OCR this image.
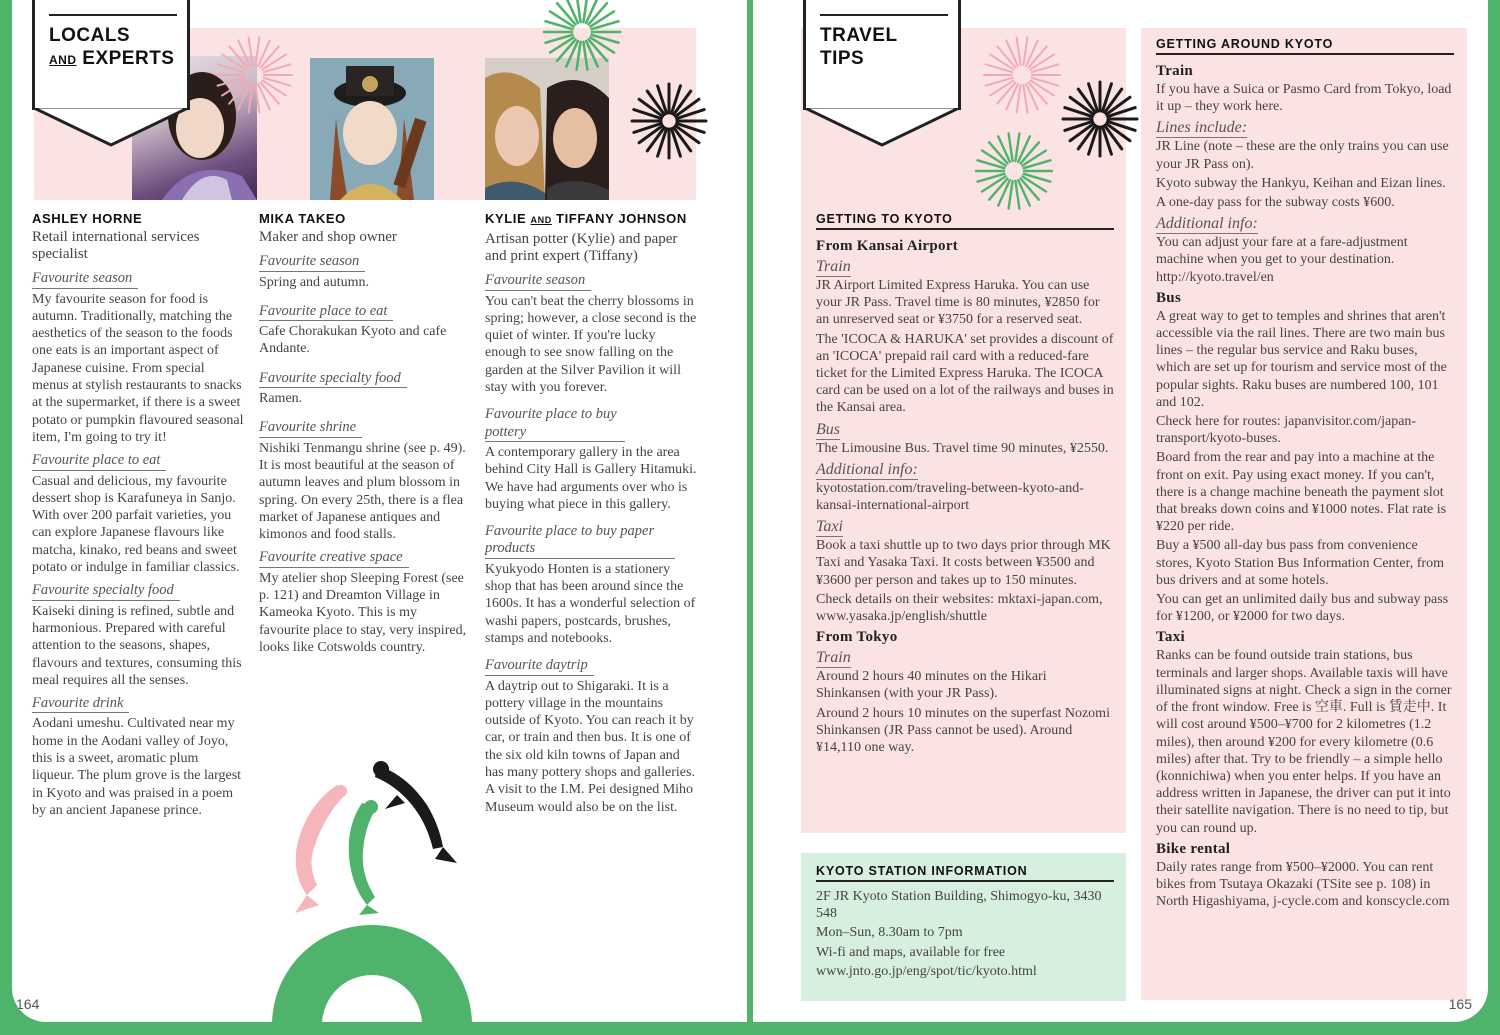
LOCALS
AND EXPERTS
ASHLEY HORNE
Retail international services specialist
Favourite season

My favourite season for food is autumn. Traditionally, matching the aesthetics of the season to the foods one eats is an important aspect of Japanese cuisine. From special menus at stylish restaurants to snacks at the supermarket, if there is a sweet potato or pumpkin flavoured seasonal item, I'm going to try it!

Favourite place to eat

Casual and delicious, my favourite dessert shop is Karafuneya in Sanjo. With over 200 parfait varieties, you can explore Japanese flavours like matcha, kinako, red beans and sweet potato or indulge in familiar classics.

Favourite specialty food

Kaiseki dining is refined, subtle and harmonious. Prepared with careful attention to the seasons, shapes, flavours and textures, consuming this meal requires all the senses.

Favourite drink

Aodani umeshu. Cultivated near my home in the Aodani valley of Joyo, this is a sweet, aromatic plum liqueur. The plum grove is the largest in Kyoto and was praised in a poem by an ancient Japanese prince.

MIKA TAKEO
Maker and shop owner
Favourite season

Spring and autumn.

Favourite place to eat

Cafe Chorakukan Kyoto and cafe Andante.

Favourite specialty food

Ramen.

Favourite shrine

Nishiki Tenmangu shrine (see p. 49). It is most beautiful at the season of autumn leaves and plum blossom in spring. On every 25th, there is a flea market of Japanese antiques and kimonos and food stalls.

Favourite creative space

My atelier shop Sleeping Forest (see p. 121) and Dreamton Village in Kameoka Kyoto. This is my favourite place to stay, very inspired, looks like Cotswolds country.

KYLIE AND TIFFANY JOHNSON
Artisan potter (Kylie) and paper and print expert (Tiffany)
Favourite season

You can't beat the cherry blossoms in spring; however, a close second is the quiet of winter. If you're lucky enough to see snow falling on the garden at the Silver Pavilion it will stay with you forever.

Favourite place to buy pottery

A contemporary gallery in the area behind City Hall is Gallery Hitamuki. We have had arguments over who is buying what piece in this gallery.

Favourite place to buy paper products

Kyukyodo Honten is a stationery shop that has been around since the 1600s. It has a wonderful selection of washi papers, postcards, brushes, stamps and notebooks.

Favourite daytrip

A daytrip out to Shigaraki. It is a pottery village in the mountains outside of Kyoto. You can reach it by car, or train and then bus. It is one of the six old kiln towns of Japan and has many pottery shops and galleries. A visit to the I.M. Pei designed Miho Museum would also be on the list.

164
TRAVEL
TIPS
GETTING TO KYOTO
From Kansai Airport
Train

JR Airport Limited Express Haruka. You can use your JR Pass. Travel time is 80 minutes, ¥2850 for an unreserved seat or ¥3750 for a reserved seat.

The 'ICOCA & HARUKA' set provides a discount of an 'ICOCA' prepaid rail card with a reduced-fare ticket for the Limited Express Haruka. The ICOCA card can be used on a lot of the railways and buses in the Kansai area.

Bus

The Limousine Bus. Travel time 90 minutes, ¥2550.

Additional info:

kyotostation.com/traveling-between-kyoto-and-kansai-international-airport

Taxi

Book a taxi shuttle up to two days prior through MK Taxi and Yasaka Taxi. It costs between ¥3500 and ¥3600 per person and takes up to 150 minutes.

Check details on their websites: mktaxi-japan.com, www.yasaka.jp/english/shuttle

From Tokyo
Train

Around 2 hours 40 minutes on the Hikari Shinkansen (with your JR Pass).

Around 2 hours 10 minutes on the superfast Nozomi Shinkansen (JR Pass cannot be used). Around ¥14,110 one way.

KYOTO STATION INFORMATION

2F JR Kyoto Station Building, Shimogyo-ku, 3430 548

Mon–Sun, 8.30am to 7pm

Wi-fi and maps, available for free

www.jnto.go.jp/eng/spot/tic/kyoto.html

GETTING AROUND KYOTO
Train

If you have a Suica or Pasmo Card from Tokyo, load it up – they work here.

Lines include:

JR Line (note – these are the only trains you can use your JR Pass on).

Kyoto subway the Hankyu, Keihan and Eizan lines.

A one-day pass for the subway costs ¥600.

Additional info:

You can adjust your fare at a fare-adjustment machine when you get to your destination. http://kyoto.travel/en

Bus

A great way to get to temples and shrines that aren't accessible via the rail lines. There are two main bus lines – the regular bus service and Raku buses, which are set up for tourism and service most of the popular sights. Raku buses are numbered 100, 101 and 102.

Check here for routes: japanvisitor.com/japan-transport/kyoto-buses.

Board from the rear and pay into a machine at the front on exit. Pay using exact money. If you can't, there is a change machine beneath the payment slot that breaks down coins and ¥1000 notes. Flat rate is ¥220 per ride.

Buy a ¥500 all-day bus pass from convenience stores, Kyoto Station Bus Information Center, from bus drivers and at some hotels.

You can get an unlimited daily bus and subway pass for ¥1200, or ¥2000 for two days.

Taxi

Ranks can be found outside train stations, bus terminals and larger shops. Available taxis will have illuminated signs at night. Check a sign in the corner of the front window. Free is 空車. Full is 賃走中. It will cost around ¥500–¥700 for 2 kilometres (1.2 miles), then around ¥200 for every kilometre (0.6 miles) after that. Try to be friendly – a simple hello (konnichiwa) when you enter helps. If you have an address written in Japanese, the driver can put it into their satellite navigation. There is no need to tip, but you can round up.

Bike rental

Daily rates range from ¥500–¥2000. You can rent bikes from Tsutaya Okazaki (TSite see p. 108) in North Higashiyama, j-cycle.com and konscycle.com

165
